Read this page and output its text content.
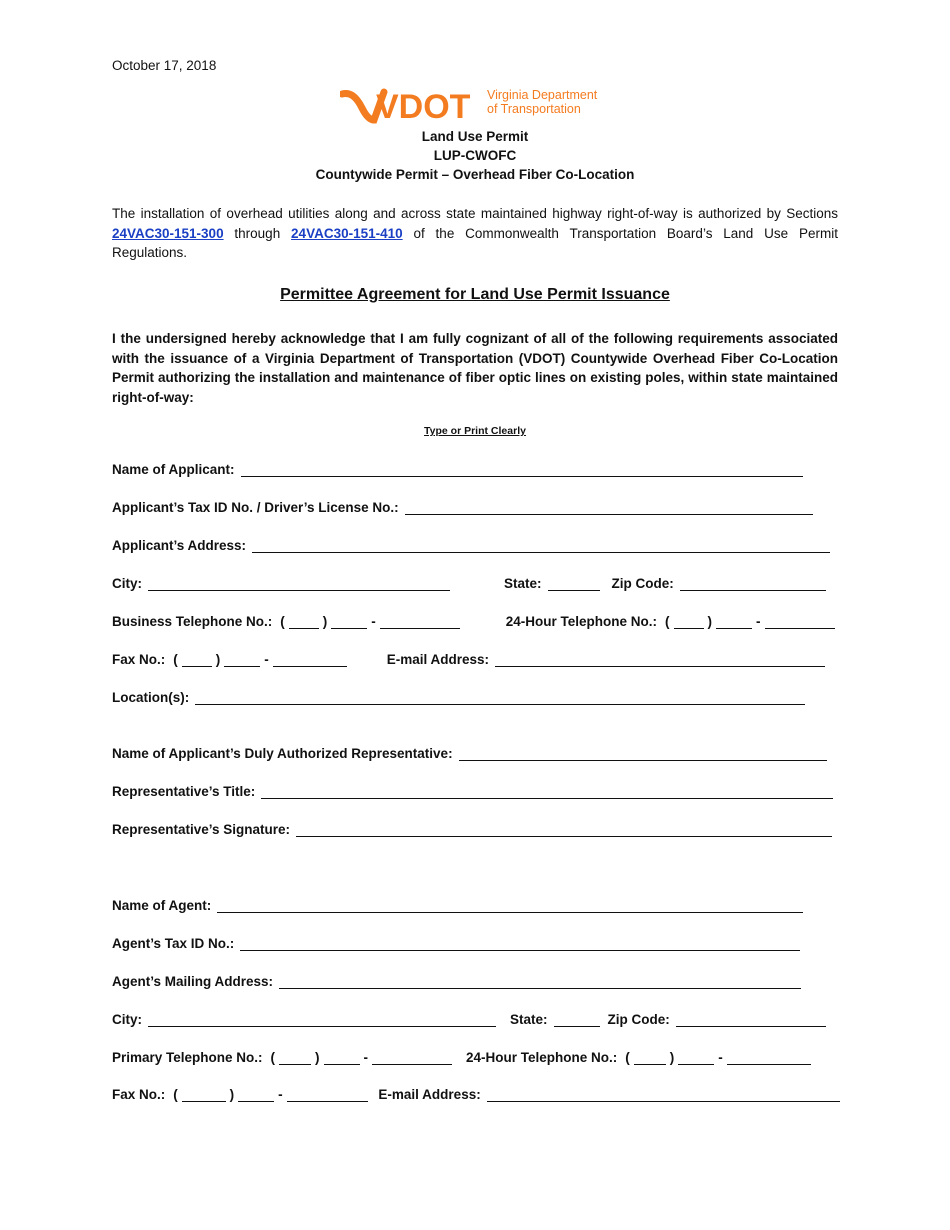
October 17, 2018
VDOT Virginia Department
of Transportation
Land Use Permit
LUP-CWOFC
Countywide Permit – Overhead Fiber Co-Location
The installation of overhead utilities along and across state maintained highway right-of-way is authorized by Sections 24VAC30-151-300 through 24VAC30-151-410 of the Commonwealth Transportation Board’s Land Use Permit Regulations.
Permittee Agreement for Land Use Permit Issuance
I the undersigned hereby acknowledge that I am fully cognizant of all of the following requirements associated with the issuance of a Virginia Department of Transportation (VDOT) Countywide Overhead Fiber Co-Location Permit authorizing the installation and maintenance of fiber optic lines on existing poles, within state maintained right-of-way:
Type or Print Clearly
Name of Applicant:
Applicant’s Tax ID No. / Driver’s License No.:
Applicant’s Address:
City:	State:	Zip Code:
Business Telephone No.: (	)	-	24-Hour Telephone No.: (	)	-
Fax No.: (	)	-	E-mail Address:
Location(s):
Name of Applicant’s Duly Authorized Representative:
Representative’s Title:
Representative’s Signature:
Name of Agent:
Agent’s Tax ID No.:
Agent’s Mailing Address:
City:	State:	Zip Code:
Primary Telephone No.: (	)	-	24-Hour Telephone No.: (	)	-
Fax No.: (	)	-	E-mail Address:
